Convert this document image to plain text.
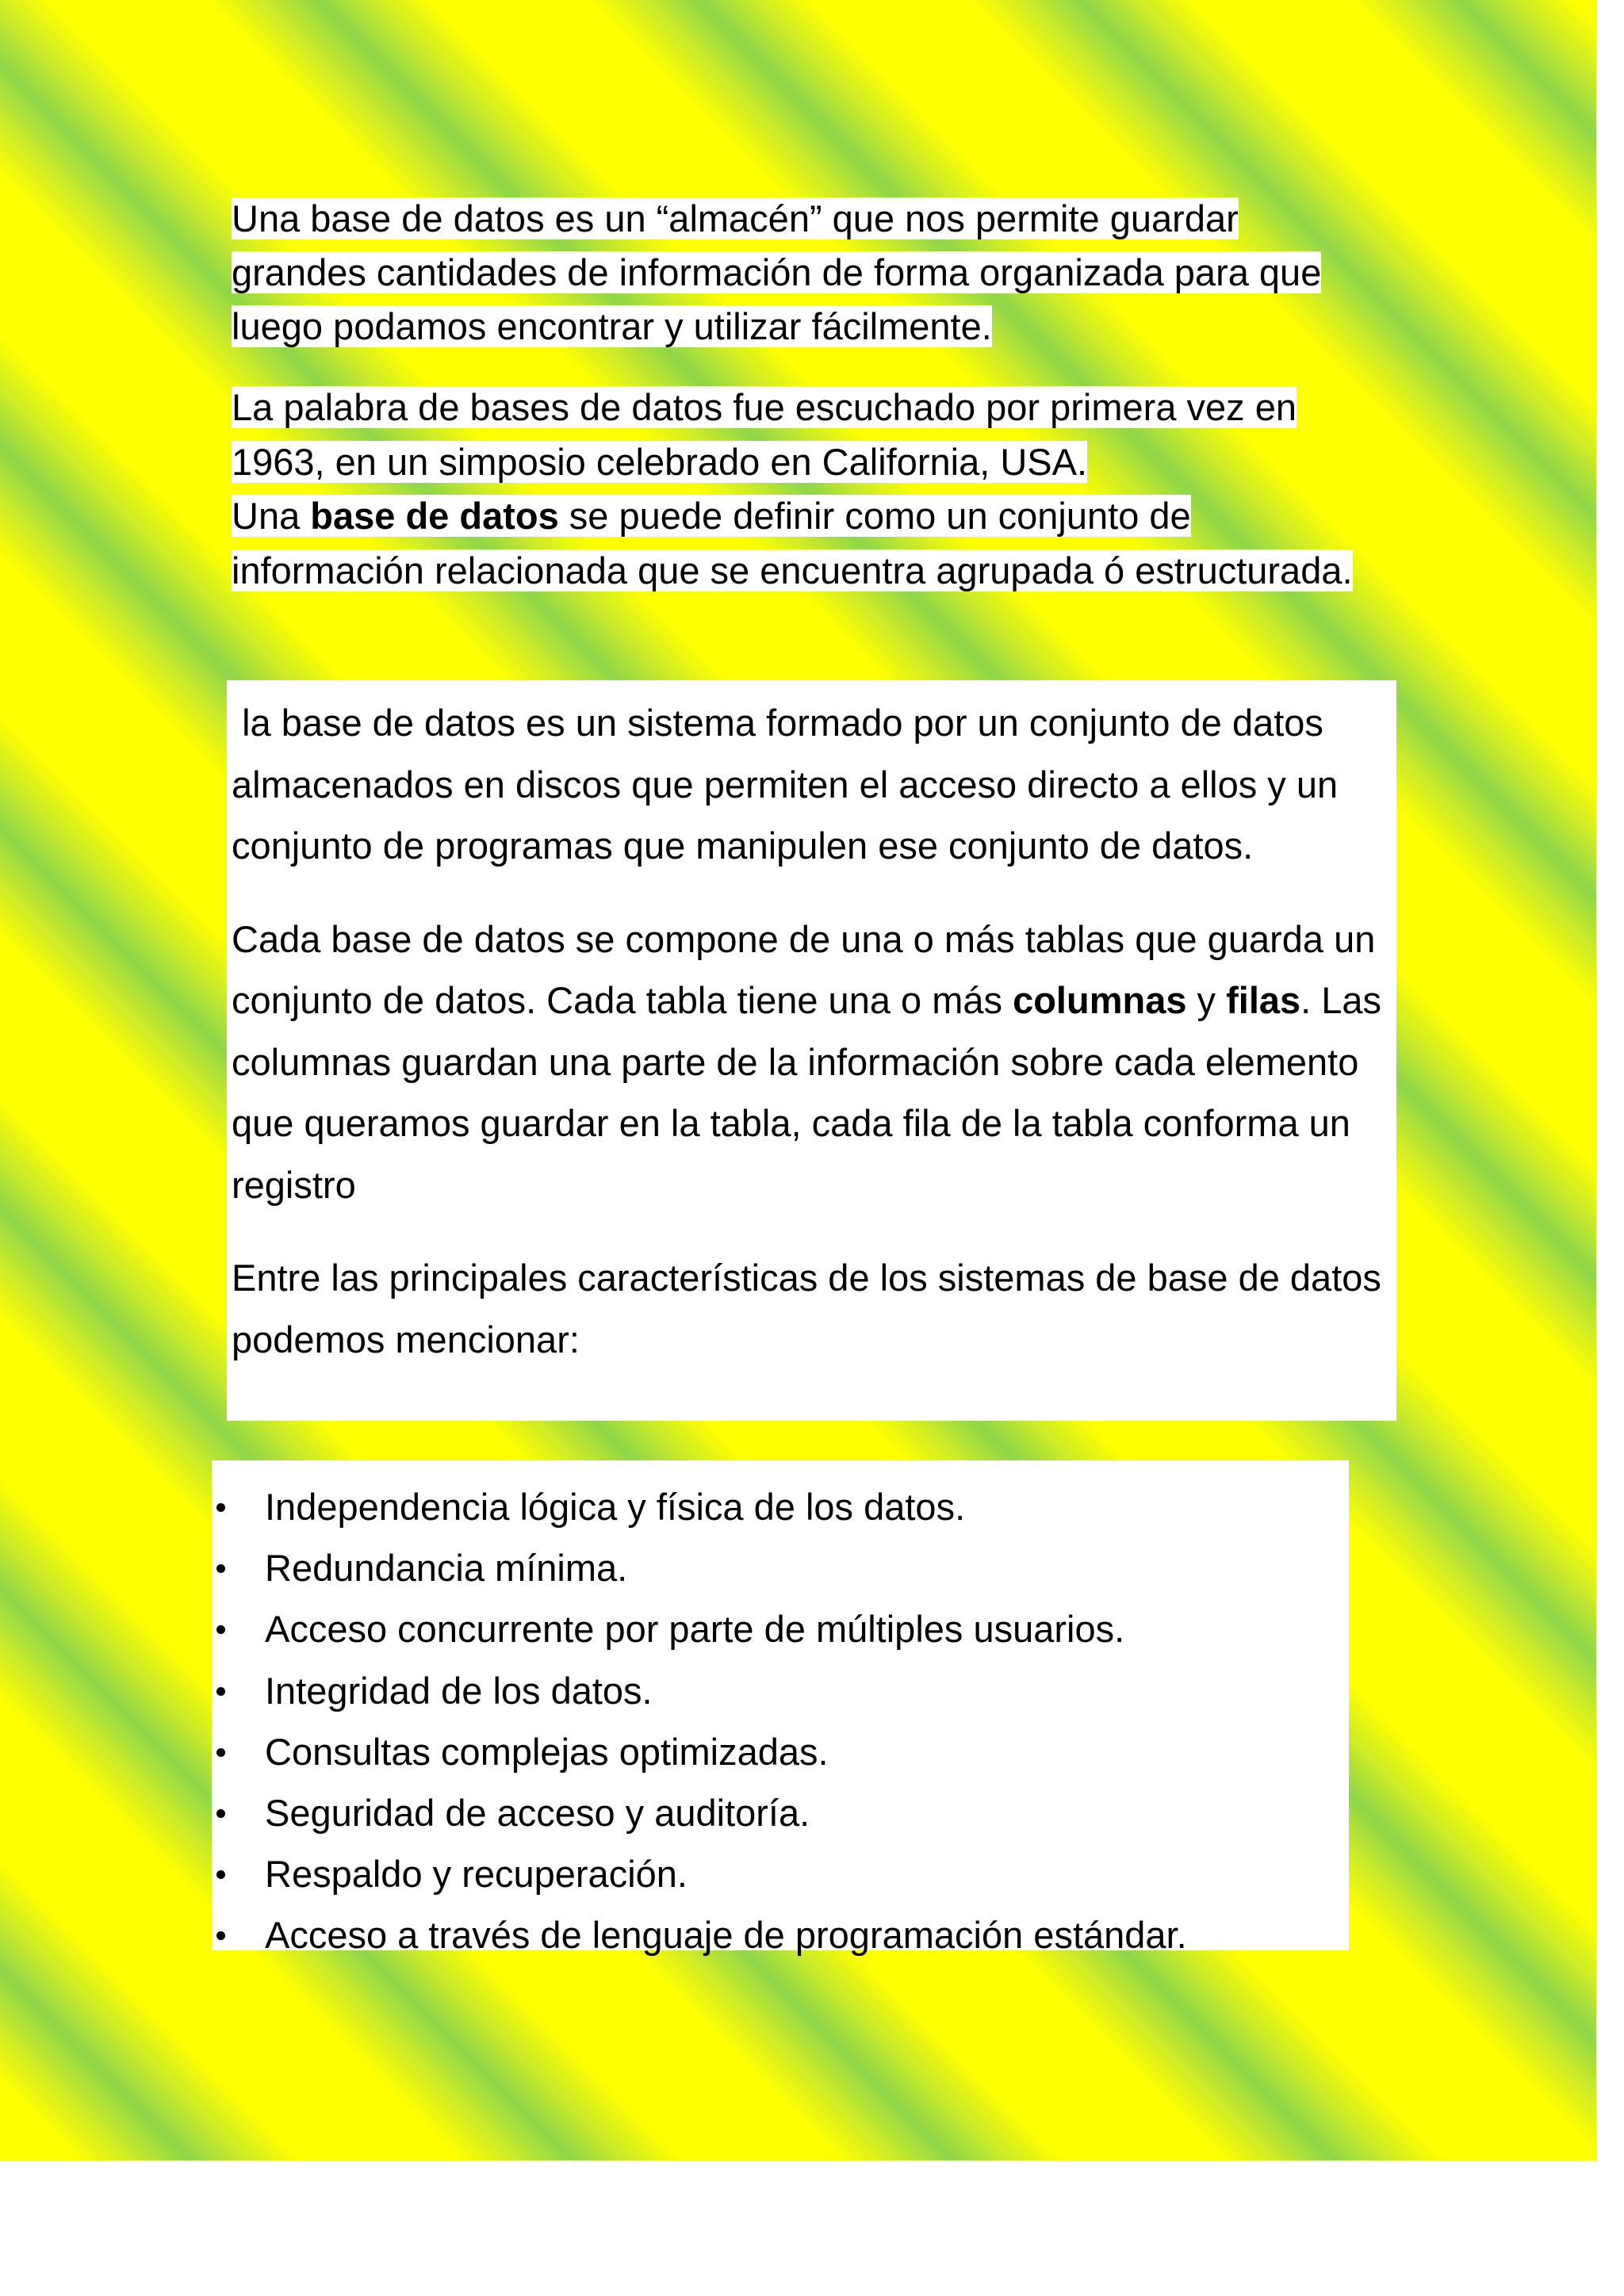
Una base de datos es un “almacén” que nos permite guardar grandes cantidades de información de forma organizada para que luego podamos encontrar y utilizar fácilmente.
La palabra de bases de datos fue escuchado por primera vez en 1963, en un simposio celebrado en California, USA.
Una base de datos se puede definir como un conjunto de información relacionada que se encuentra agrupada ó estructurada.

la base de datos es un sistema formado por un conjunto de datos almacenados en discos que permiten el acceso directo a ellos y un conjunto de programas que manipulen ese conjunto de datos.

Cada base de datos se compone de una o más tablas que guarda un conjunto de datos. Cada tabla tiene una o más columnas y filas. Las columnas guardan una parte de la información sobre cada elemento que queramos guardar en la tabla, cada fila de la tabla conforma un registro

Entre las principales características de los sistemas de base de datos podemos mencionar:

Independencia lógica y física de los datos.
Redundancia mínima.
Acceso concurrente por parte de múltiples usuarios.
Integridad de los datos.
Consultas complejas optimizadas.
Seguridad de acceso y auditoría.
Respaldo y recuperación.
Acceso a través de lenguaje de programación estándar.
